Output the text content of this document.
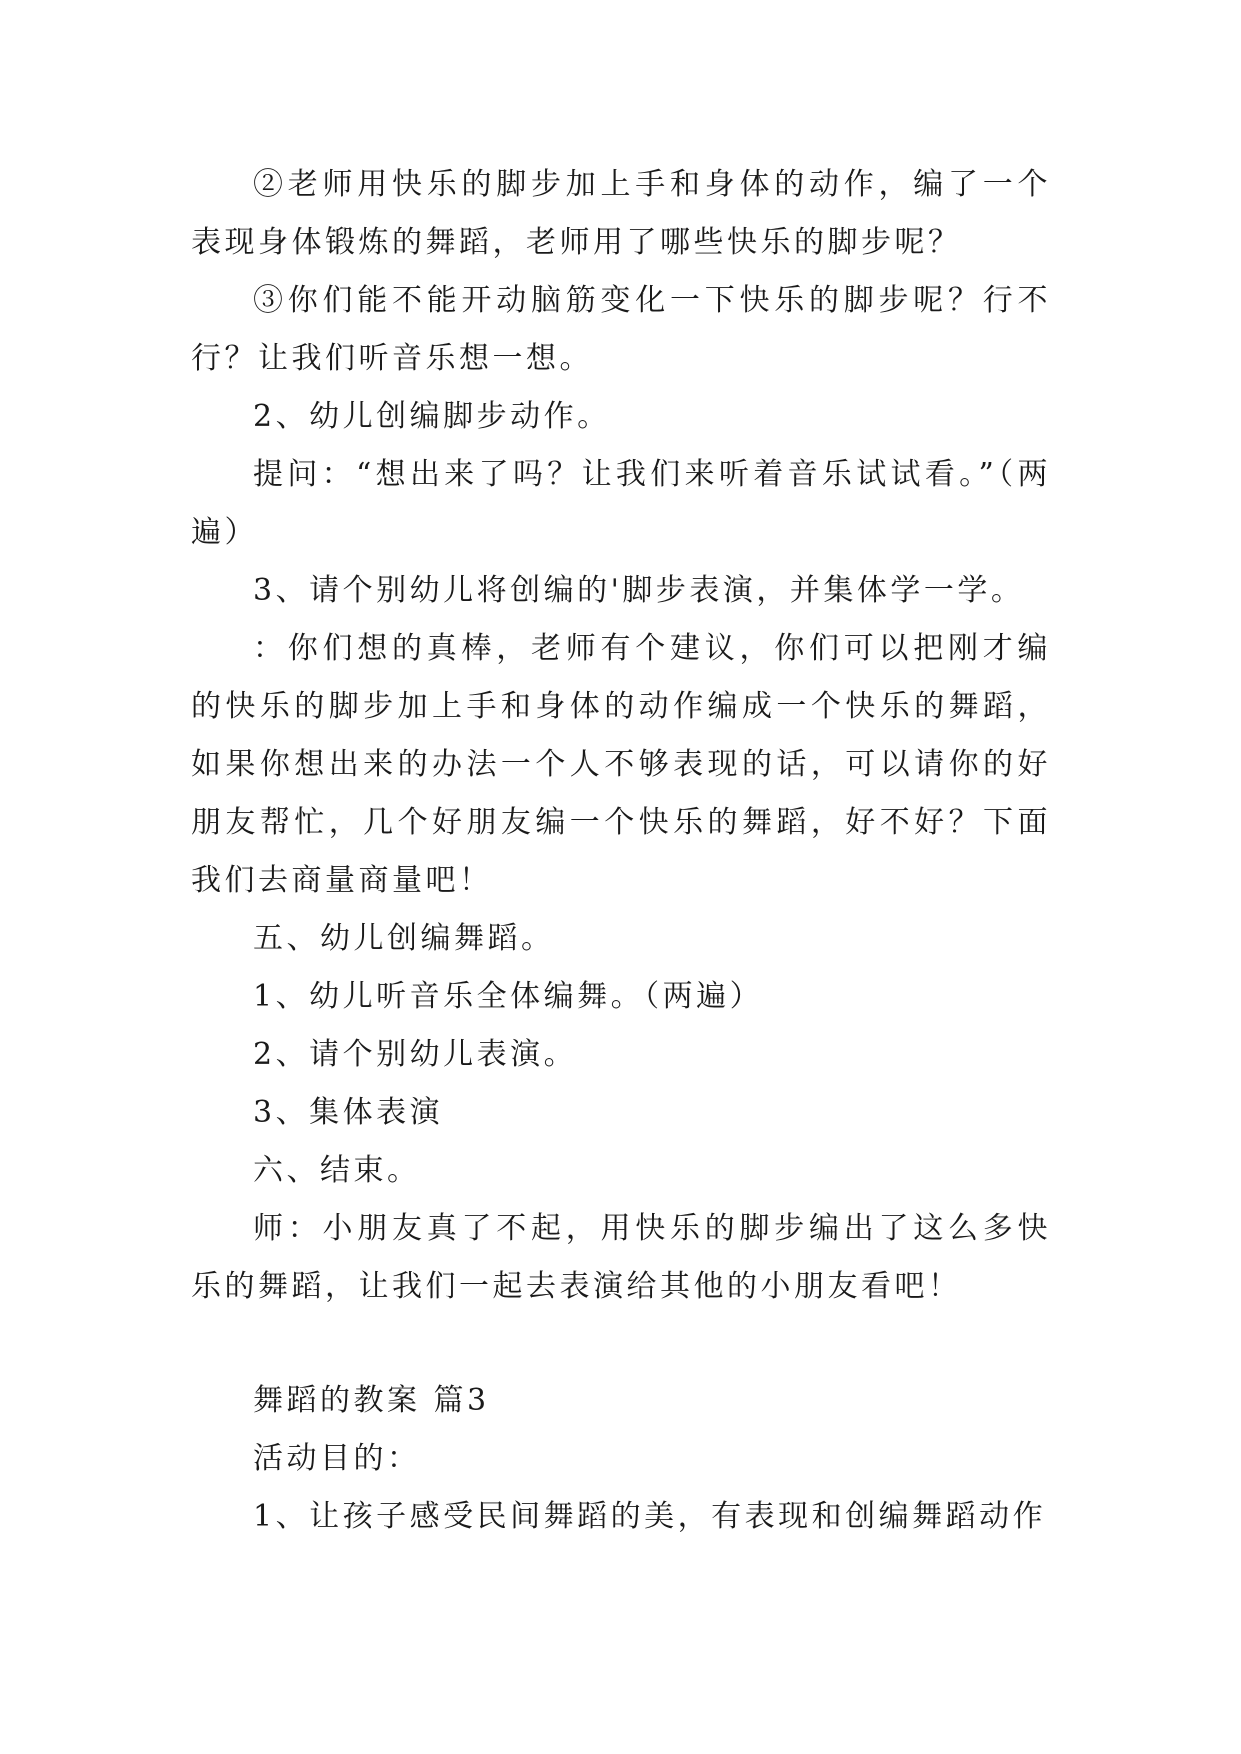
②老师用快乐的脚步加上手和身体的动作，编了一个表现身体锻炼的舞蹈，老师用了哪些快乐的脚步呢？

③你们能不能开动脑筋变化一下快乐的脚步呢？行不行？让我们听音乐想一想。

2、幼儿创编脚步动作。

提问：“想出来了吗？让我们来听着音乐试试看。”（两遍）

3、请个别幼儿将创编的'脚步表演，并集体学一学。

：你们想的真棒，老师有个建议，你们可以把刚才编的快乐的脚步加上手和身体的动作编成一个快乐的舞蹈，如果你想出来的办法一个人不够表现的话，可以请你的好朋友帮忙，几个好朋友编一个快乐的舞蹈，好不好？下面我们去商量商量吧！

五、幼儿创编舞蹈。

1、幼儿听音乐全体编舞。（两遍）

2、请个别幼儿表演。

3、集体表演

六、结束。

师：小朋友真了不起，用快乐的脚步编出了这么多快乐的舞蹈，让我们一起去表演给其他的小朋友看吧！

舞蹈的教案 篇3

活动目的：

1、让孩子感受民间舞蹈的美，有表现和创编舞蹈动作
